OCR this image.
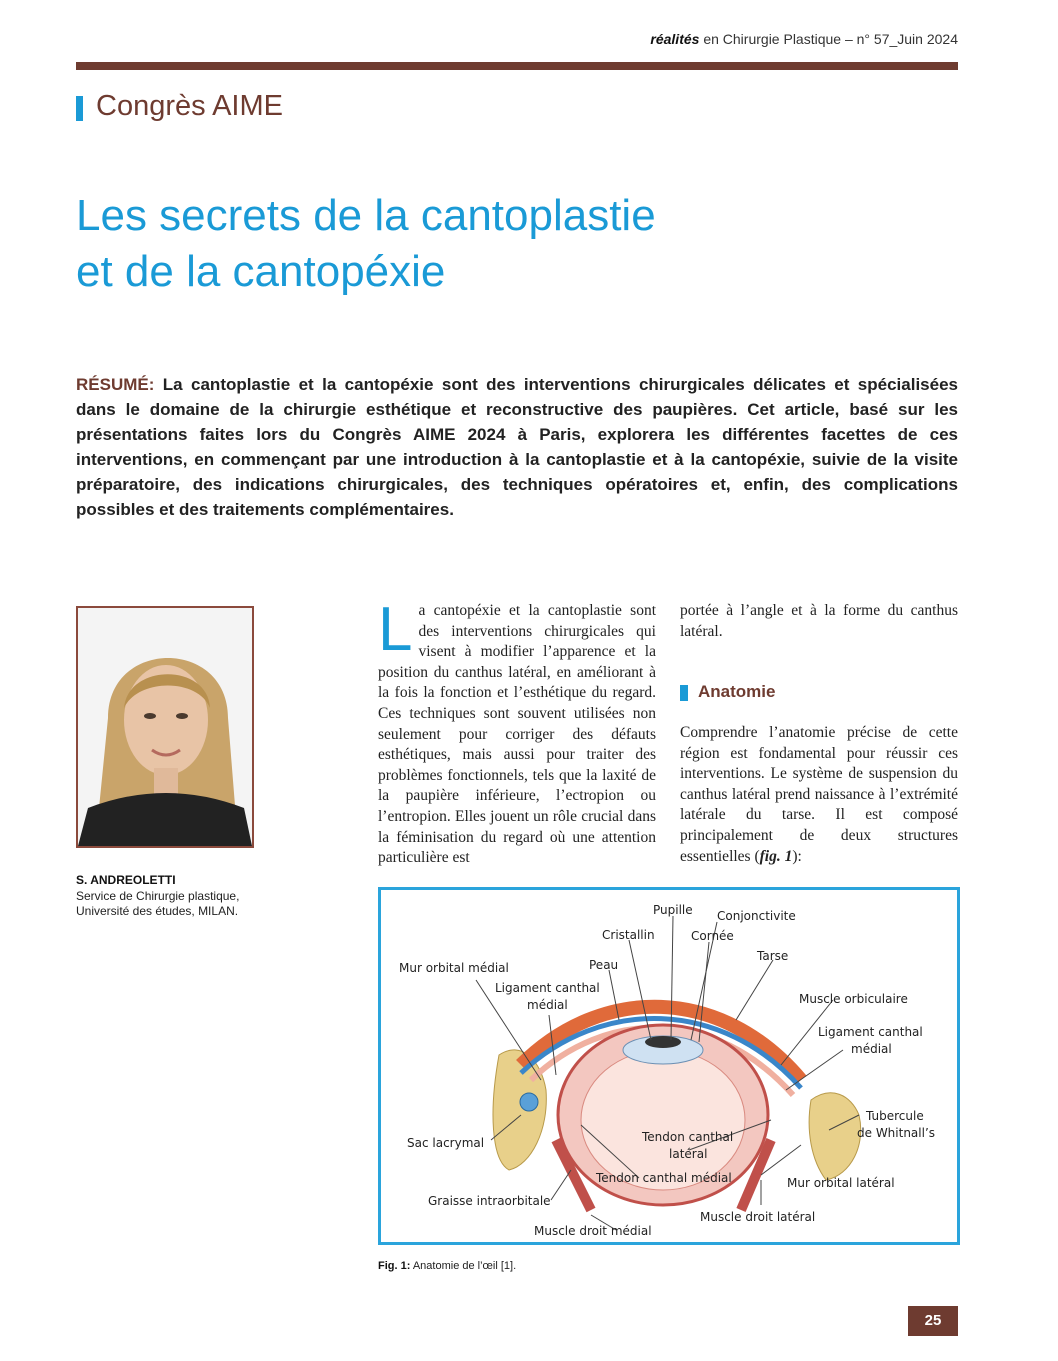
réalités en Chirurgie Plastique – n° 57_Juin 2024
Congrès AIME
Les secrets de la cantoplastie
et de la cantopéxie
RÉSUMÉ: La cantoplastie et la cantopéxie sont des interventions chirurgicales délicates et spécialisées dans le domaine de la chirurgie esthétique et reconstructive des paupières. Cet article, basé sur les présentations faites lors du Congrès AIME 2024 à Paris, explorera les différentes facettes de ces interventions, en commençant par une introduction à la cantoplastie et à la cantopéxie, suivie de la visite préparatoire, des indications chirurgicales, des techniques opératoires et, enfin, des complications possibles et des traitements complémentaires.
S. ANDREOLETTI
Service de Chirurgie plastique, Université des études, MILAN.
L a cantopéxie et la cantoplastie sont des interventions chirurgicales qui visent à modifier l’apparence et la position du canthus latéral, en améliorant à la fois la fonction et l’esthétique du regard. Ces techniques sont souvent utilisées non seulement pour corriger des défauts esthétiques, mais aussi pour traiter des problèmes fonctionnels, tels que la laxité de la paupière inférieure, l’ectropion ou l’entropion. Elles jouent un rôle crucial dans la féminisation du regard où une attention particulière est
portée à l’angle et à la forme du canthus latéral.
Anatomie
Comprendre l’anatomie précise de cette région est fondamental pour réussir ces interventions. Le système de suspension du canthus latéral prend naissance à l’extrémité latérale du tarse. Il est composé principalement de deux structures essentielles (fig. 1):
Pupille Conjonctivite
Cristallin	Cornée
Mur orbital médial	Peau
Tarse
Ligament canthal
médial	Muscle orbiculaire
Ligament canthal
médial
Tubercule
de Whitnall’s
Sac lacrymal	Tendon canthal
latéral
Tendon canthal médial	Mur orbital latéral
Graisse intraorbitale
Muscle droit latéral
Muscle droit médial
Fig. 1: Anatomie de l’œil [1].
25
